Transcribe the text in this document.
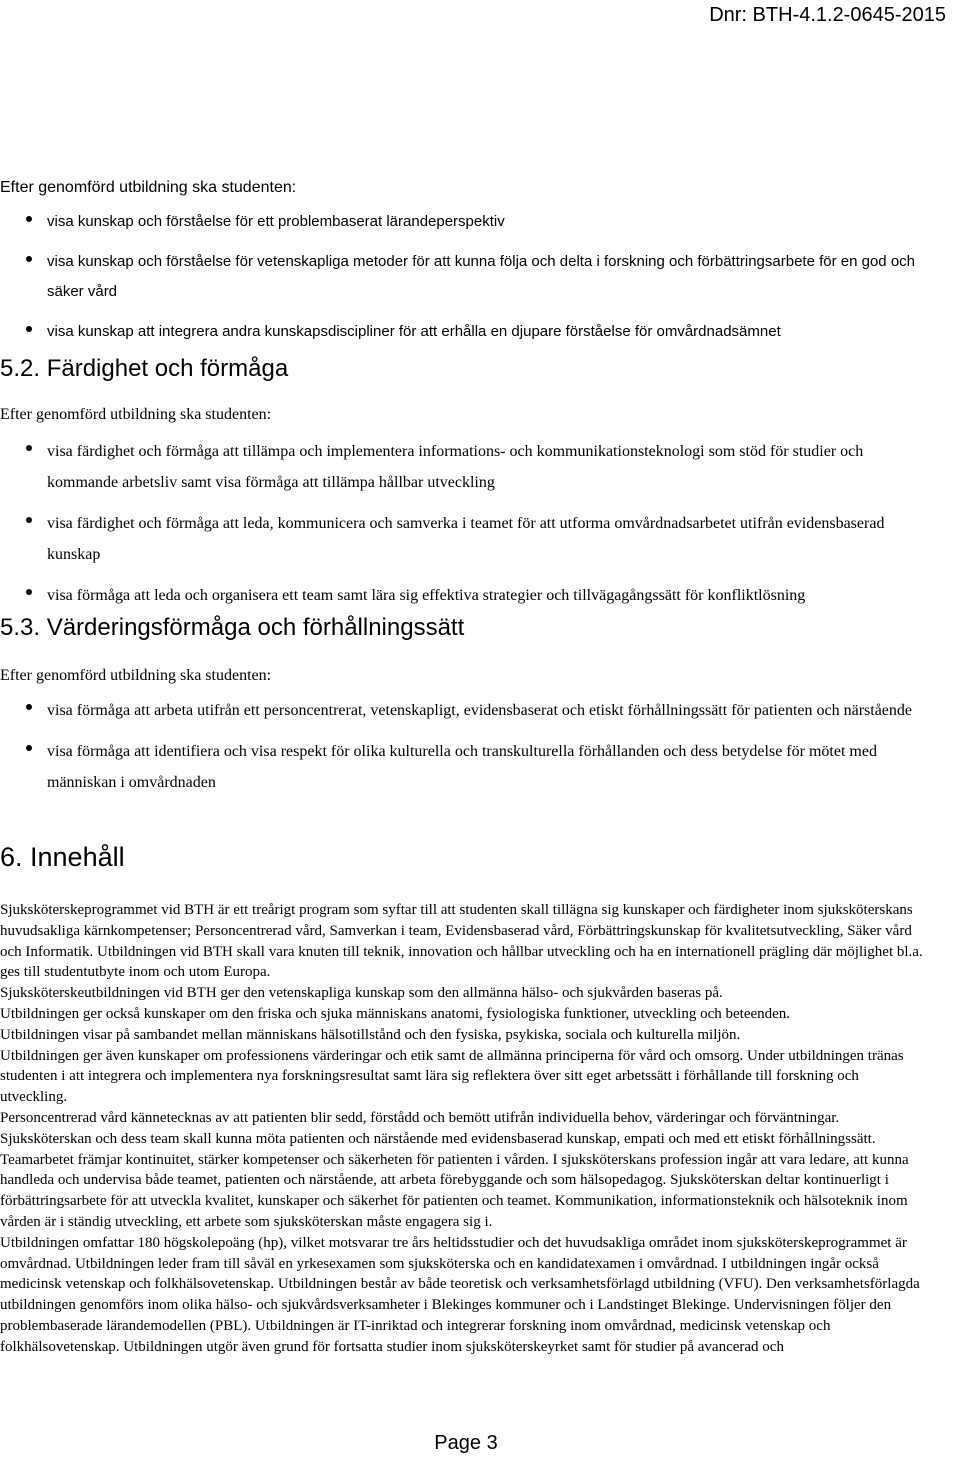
Dnr: BTH-4.1.2-0645-2015
Efter genomförd utbildning ska studenten:
visa kunskap och förståelse för ett problembaserat lärandeperspektiv
visa kunskap och förståelse för vetenskapliga metoder för att kunna följa och delta i forskning och förbättringsarbete för en god och säker vård
visa kunskap att integrera andra kunskapsdiscipliner för att erhålla en djupare förståelse för omvårdnadsämnet
5.2. Färdighet och förmåga
Efter genomförd utbildning ska studenten:
visa färdighet och förmåga att tillämpa och implementera informations- och kommunikationsteknologi som stöd för studier och kommande arbetsliv samt visa förmåga att tillämpa hållbar utveckling
visa färdighet och förmåga att leda, kommunicera och samverka i teamet för att utforma omvårdnadsarbetet utifrån evidensbaserad kunskap
visa förmåga att leda och organisera ett team samt lära sig effektiva strategier och tillvägagångssätt för konfliktlösning
5.3. Värderingsförmåga och förhållningssätt
Efter genomförd utbildning ska studenten:
visa förmåga att arbeta utifrån ett personcentrerat, vetenskapligt, evidensbaserat och etiskt förhållningssätt för patienten och närstående
visa förmåga att identifiera och visa respekt för olika kulturella och transkulturella förhållanden och dess betydelse för mötet med människan i omvårdnaden
6. Innehåll

Sjuksköterskeprogrammet vid BTH är ett treårigt program som syftar till att studenten skall tillägna sig kunskaper och färdigheter inom sjuksköterskans huvudsakliga kärnkompetenser; Personcentrerad vård, Samverkan i team, Evidensbaserad vård, Förbättringskunskap för kvalitetsutveckling, Säker vård och Informatik. Utbildningen vid BTH skall vara knuten till teknik, innovation och hållbar utveckling och ha en internationell prägling där möjlighet bl.a. ges till studentutbyte inom och utom Europa.

Sjuksköterskeutbildningen vid BTH ger den vetenskapliga kunskap som den allmänna hälso- och sjukvården baseras på.

Utbildningen ger också kunskaper om den friska och sjuka människans anatomi, fysiologiska funktioner, utveckling och beteenden.

Utbildningen visar på sambandet mellan människans hälsotillstånd och den fysiska, psykiska, sociala och kulturella miljön.

Utbildningen ger även kunskaper om professionens värderingar och etik samt de allmänna principerna för vård och omsorg. Under utbildningen tränas studenten i att integrera och implementera nya forskningsresultat samt lära sig reflektera över sitt eget arbetssätt i förhållande till forskning och utveckling.

Personcentrerad vård kännetecknas av att patienten blir sedd, förstådd och bemött utifrån individuella behov, värderingar och förväntningar. Sjuksköterskan och dess team skall kunna möta patienten och närstående med evidensbaserad kunskap, empati och med ett etiskt förhållningssätt. Teamarbetet främjar kontinuitet, stärker kompetenser och säkerheten för patienten i vården. I sjuksköterskans profession ingår att vara ledare, att kunna handleda och undervisa både teamet, patienten och närstående, att arbeta förebyggande och som hälsopedagog. Sjuksköterskan deltar kontinuerligt i förbättringsarbete för att utveckla kvalitet, kunskaper och säkerhet för patienten och teamet. Kommunikation, informationsteknik och hälsoteknik inom vården är i ständig utveckling, ett arbete som sjuksköterskan måste engagera sig i.

Utbildningen omfattar 180 högskolepoäng (hp), vilket motsvarar tre års heltidsstudier och det huvudsakliga området inom sjuksköterskeprogrammet är omvårdnad. Utbildningen leder fram till såväl en yrkesexamen som sjuksköterska och en kandidatexamen i omvårdnad. I utbildningen ingår också medicinsk vetenskap och folkhälsovetenskap. Utbildningen består av både teoretisk och verksamhetsförlagd utbildning (VFU). Den verksamhetsförlagda utbildningen genomförs inom olika hälso- och sjukvårdsverksamheter i Blekinges kommuner och i Landstinget Blekinge. Undervisningen följer den problembaserade lärandemodellen (PBL). Utbildningen är IT-inriktad och integrerar forskning inom omvårdnad, medicinsk vetenskap och folkhälsovetenskap. Utbildningen utgör även grund för fortsatta studier inom sjuksköterskeyrket samt för studier på avancerad och

Page 3
